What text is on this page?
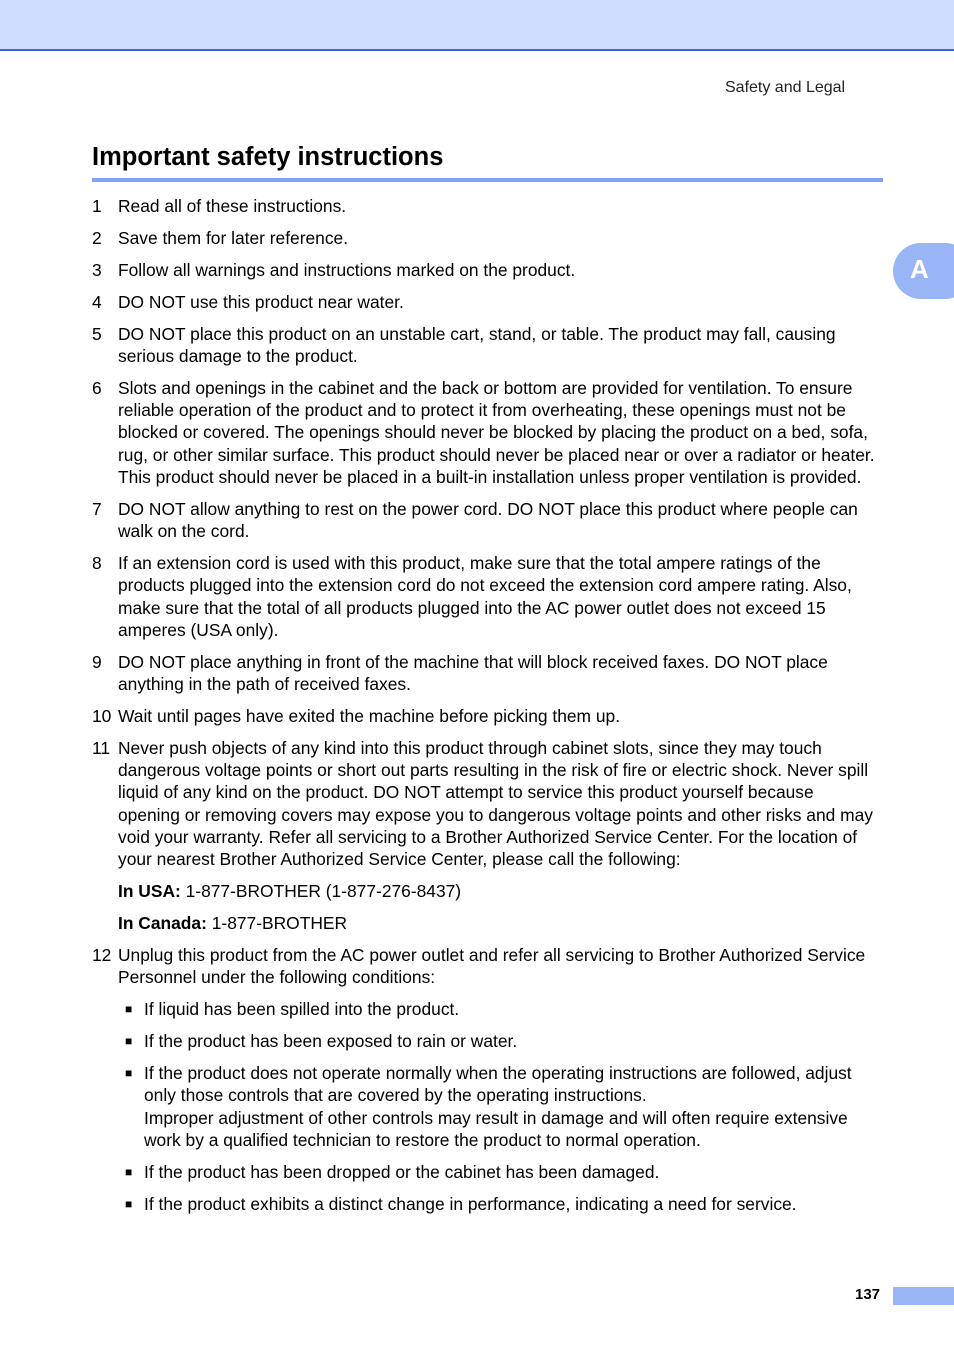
Safety and Legal
Important safety instructions
A
1 Read all of these instructions.
2 Save them for later reference.
3 Follow all warnings and instructions marked on the product.
4 DO NOT use this product near water.
5 DO NOT place this product on an unstable cart, stand, or table. The product may fall, causing serious damage to the product.
6 Slots and openings in the cabinet and the back or bottom are provided for ventilation. To ensure reliable operation of the product and to protect it from overheating, these openings must not be blocked or covered. The openings should never be blocked by placing the product on a bed, sofa, rug, or other similar surface. This product should never be placed near or over a radiator or heater. This product should never be placed in a built-in installation unless proper ventilation is provided.
7 DO NOT allow anything to rest on the power cord. DO NOT place this product where people can walk on the cord.
8 If an extension cord is used with this product, make sure that the total ampere ratings of the products plugged into the extension cord do not exceed the extension cord ampere rating. Also, make sure that the total of all products plugged into the AC power outlet does not exceed 15 amperes (USA only).
9 DO NOT place anything in front of the machine that will block received faxes. DO NOT place anything in the path of received faxes.
10 Wait until pages have exited the machine before picking them up.
11 Never push objects of any kind into this product through cabinet slots, since they may touch dangerous voltage points or short out parts resulting in the risk of fire or electric shock. Never spill liquid of any kind on the product. DO NOT attempt to service this product yourself because opening or removing covers may expose you to dangerous voltage points and other risks and may void your warranty. Refer all servicing to a Brother Authorized Service Center. For the location of your nearest Brother Authorized Service Center, please call the following:
In USA: 1-877-BROTHER (1-877-276-8437)
In Canada: 1-877-BROTHER
12 Unplug this product from the AC power outlet and refer all servicing to Brother Authorized Service Personnel under the following conditions:
■ If liquid has been spilled into the product.
■ If the product has been exposed to rain or water.
■ If the product does not operate normally when the operating instructions are followed, adjust only those controls that are covered by the operating instructions.
Improper adjustment of other controls may result in damage and will often require extensive work by a qualified technician to restore the product to normal operation.
■ If the product has been dropped or the cabinet has been damaged.
■ If the product exhibits a distinct change in performance, indicating a need for service.
137
